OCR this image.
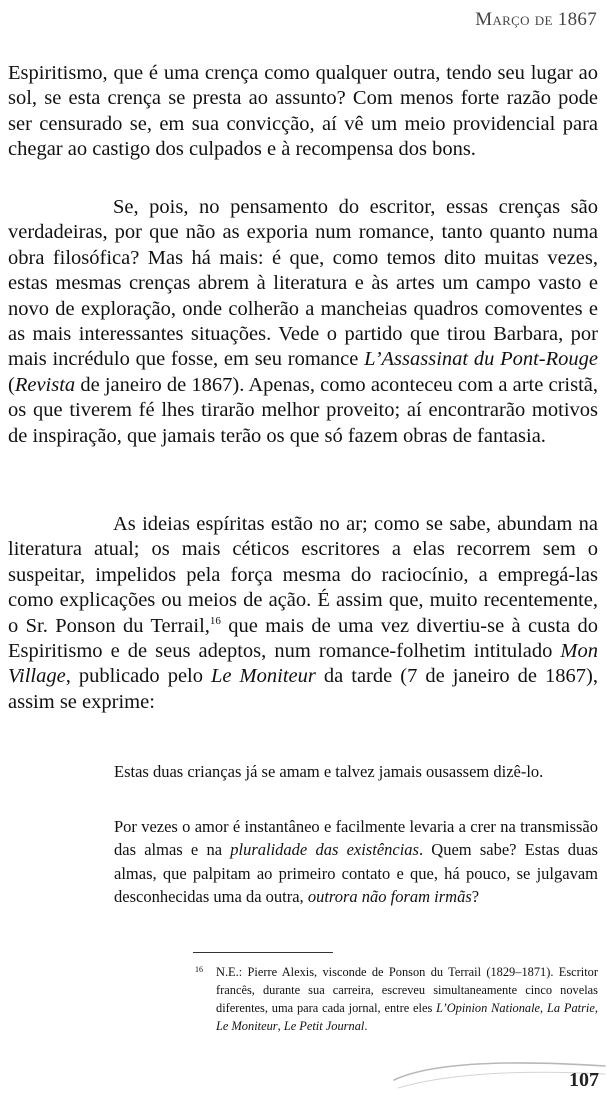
Março de 1867

Espiritismo, que é uma crença como qualquer outra, tendo seu lugar ao sol, se esta crença se presta ao assunto? Com menos forte razão pode ser censurado se, em sua convicção, aí vê um meio providencial para chegar ao castigo dos culpados e à recompensa dos bons.

Se, pois, no pensamento do escritor, essas crenças são verdadeiras, por que não as exporia num romance, tanto quanto numa obra filosófica? Mas há mais: é que, como temos dito muitas vezes, estas mesmas crenças abrem à literatura e às artes um campo vasto e novo de exploração, onde colherão a mancheias quadros comoventes e as mais interessantes situações. Vede o partido que tirou Barbara, por mais incrédulo que fosse, em seu romance L’Assassinat du Pont-Rouge (Revista de janeiro de 1867). Apenas, como aconteceu com a arte cristã, os que tiverem fé lhes tirarão melhor proveito; aí encontrarão motivos de inspiração, que jamais terão os que só fazem obras de fantasia.

As ideias espíritas estão no ar; como se sabe, abundam na literatura atual; os mais céticos escritores a elas recorrem sem o suspeitar, impelidos pela força mesma do raciocínio, a empregá-las como explicações ou meios de ação. É assim que, muito recentemente, o Sr. Ponson du Terrail,$^{16}$ que mais de uma vez divertiu-se à custa do Espiritismo e de seus adeptos, num romance-folhetim intitulado Mon Village, publicado pelo Le Moniteur da tarde (7 de janeiro de 1867), assim se exprime:

Estas duas crianças já se amam e talvez jamais ousassem dizê-lo.

Por vezes o amor é instantâneo e facilmente levaria a crer na transmissão das almas e na pluralidade das existências. Quem sabe? Estas duas almas, que palpitam ao primeiro contato e que, há pouco, se julgavam desconhecidas uma da outra, outrora não foram irmãs?

16 N.E.: Pierre Alexis, visconde de Ponson du Terrail (1829–1871). Escritor francês, durante sua carreira, escreveu simultaneamente cinco novelas diferentes, uma para cada jornal, entre eles L’Opinion Nationale, La Patrie, Le Moniteur, Le Petit Journal.
107
